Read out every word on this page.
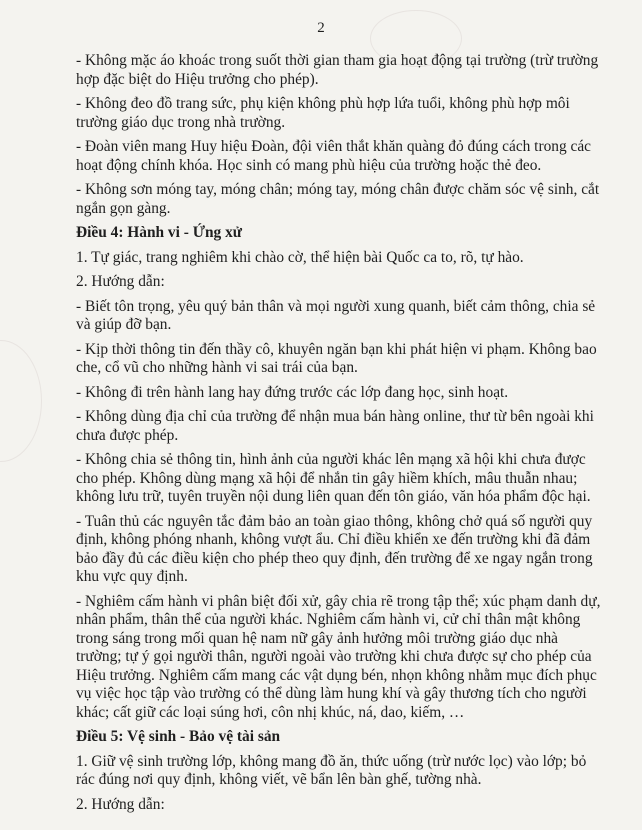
2

- Không mặc áo khoác trong suốt thời gian tham gia hoạt động tại trường (trừ trường hợp đặc biệt do Hiệu trưởng cho phép).

- Không đeo đồ trang sức, phụ kiện không phù hợp lứa tuổi, không phù hợp môi trường giáo dục trong nhà trường.

- Đoàn viên mang Huy hiệu Đoàn, đội viên thắt khăn quàng đỏ đúng cách trong các hoạt động chính khóa. Học sinh có mang phù hiệu của trường hoặc thẻ đeo.

- Không sơn móng tay, móng chân; móng tay, móng chân được chăm sóc vệ sinh, cắt ngắn gọn gàng.

Điều 4: Hành vi - Ứng xử

1. Tự giác, trang nghiêm khi chào cờ, thể hiện bài Quốc ca to, rõ, tự hào.

2. Hướng dẫn:

- Biết tôn trọng, yêu quý bản thân và mọi người xung quanh, biết cảm thông, chia sẻ và giúp đỡ bạn.

- Kịp thời thông tin đến thầy cô, khuyên ngăn bạn khi phát hiện vi phạm. Không bao che, cổ vũ cho những hành vi sai trái của bạn.

- Không đi trên hành lang hay đứng trước các lớp đang học, sinh hoạt.

- Không dùng địa chỉ của trường để nhận mua bán hàng online, thư từ bên ngoài khi chưa được phép.

- Không chia sẻ thông tin, hình ảnh của người khác lên mạng xã hội khi chưa được cho phép. Không dùng mạng xã hội để nhắn tin gây hiềm khích, mâu thuẫn nhau; không lưu trữ, tuyên truyền nội dung liên quan đến tôn giáo, văn hóa phẩm độc hại.

- Tuân thủ các nguyên tắc đảm bảo an toàn giao thông, không chở quá số người quy định, không phóng nhanh, không vượt ẩu. Chỉ điều khiển xe đến trường khi đã đảm bảo đầy đủ các điều kiện cho phép theo quy định, đến trường để xe ngay ngắn trong khu vực quy định.

- Nghiêm cấm hành vi phân biệt đối xử, gây chia rẽ trong tập thể; xúc phạm danh dự, nhân phẩm, thân thể của người khác. Nghiêm cấm hành vi, cử chỉ thân mật không trong sáng trong mối quan hệ nam nữ gây ảnh hưởng môi trường giáo dục nhà trường; tự ý gọi người thân, người ngoài vào trường khi chưa được sự cho phép của Hiệu trưởng. Nghiêm cấm mang các vật dụng bén, nhọn không nhằm mục đích phục vụ việc học tập vào trường có thể dùng làm hung khí và gây thương tích cho người khác; cất giữ các loại súng hơi, côn nhị khúc, ná, dao, kiếm, …

Điều 5: Vệ sinh - Bảo vệ tài sản

1. Giữ vệ sinh trường lớp, không mang đồ ăn, thức uống (trừ nước lọc) vào lớp; bỏ rác đúng nơi quy định, không viết, vẽ bẩn lên bàn ghế, tường nhà.

2. Hướng dẫn:
